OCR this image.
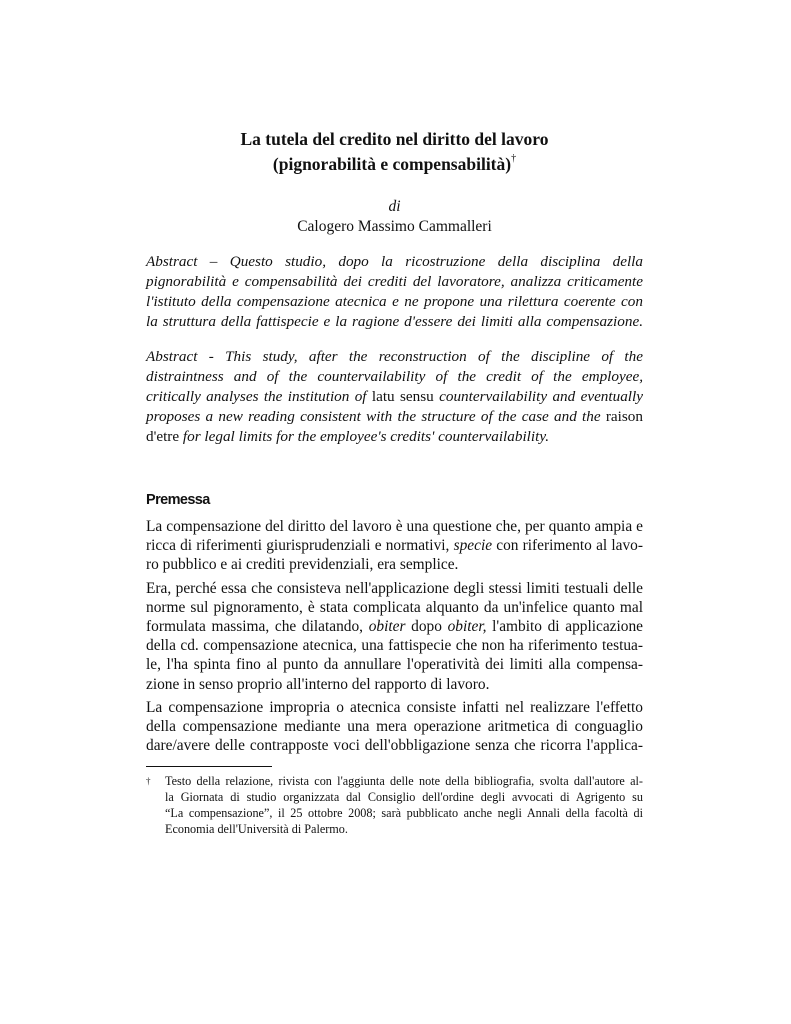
La tutela del credito nel diritto del lavoro
(pignorabilità e compensabilità)†
di
Calogero Massimo Cammalleri
Abstract – Questo studio, dopo la ricostruzione della disciplina della
pignorabilità e compensabilità dei crediti del lavoratore, analizza criticamente
l'istituto della compensazione atecnica e ne propone una rilettura coerente con
la struttura della fattispecie e la ragione d'essere dei limiti alla compensazione.
Abstract - This study, after the reconstruction of the discipline of the
distraintness and of the countervailability of the credit of the employee,
critically analyses the institution of latu sensu countervailability and eventually
proposes a new reading consistent with the structure of the case and the raison
d'etre for legal limits for the employee's credits' countervailability.
Premessa

La compensazione del diritto del lavoro è una questione che, per quanto ampia e
ricca di riferimenti giurisprudenziali e normativi, specie con riferimento al lavo-
ro pubblico e ai crediti previdenziali, era semplice.

Era, perché essa che consisteva nell'applicazione degli stessi limiti testuali delle
norme sul pignoramento, è stata complicata alquanto da un'infelice quanto mal
formulata massima, che dilatando, obiter dopo obiter, l'ambito di applicazione
della cd. compensazione atecnica, una fattispecie che non ha riferimento testua-
le, l'ha spinta fino al punto da annullare l'operatività dei limiti alla compensa-
zione in senso proprio all'interno del rapporto di lavoro.

La compensazione impropria o atecnica consiste infatti nel realizzare l'effetto
della compensazione mediante una mera operazione aritmetica di conguaglio
dare/avere delle contrapposte voci dell'obbligazione senza che ricorra l'applica-

† Testo della relazione, rivista con l'aggiunta delle note della bibliografia, svolta dall'autore al-
la Giornata di studio organizzata dal Consiglio dell'ordine degli avvocati di Agrigento su
“La compensazione”, il 25 ottobre 2008; sarà pubblicato anche negli Annali della facoltà di
Economia dell'Università di Palermo.
